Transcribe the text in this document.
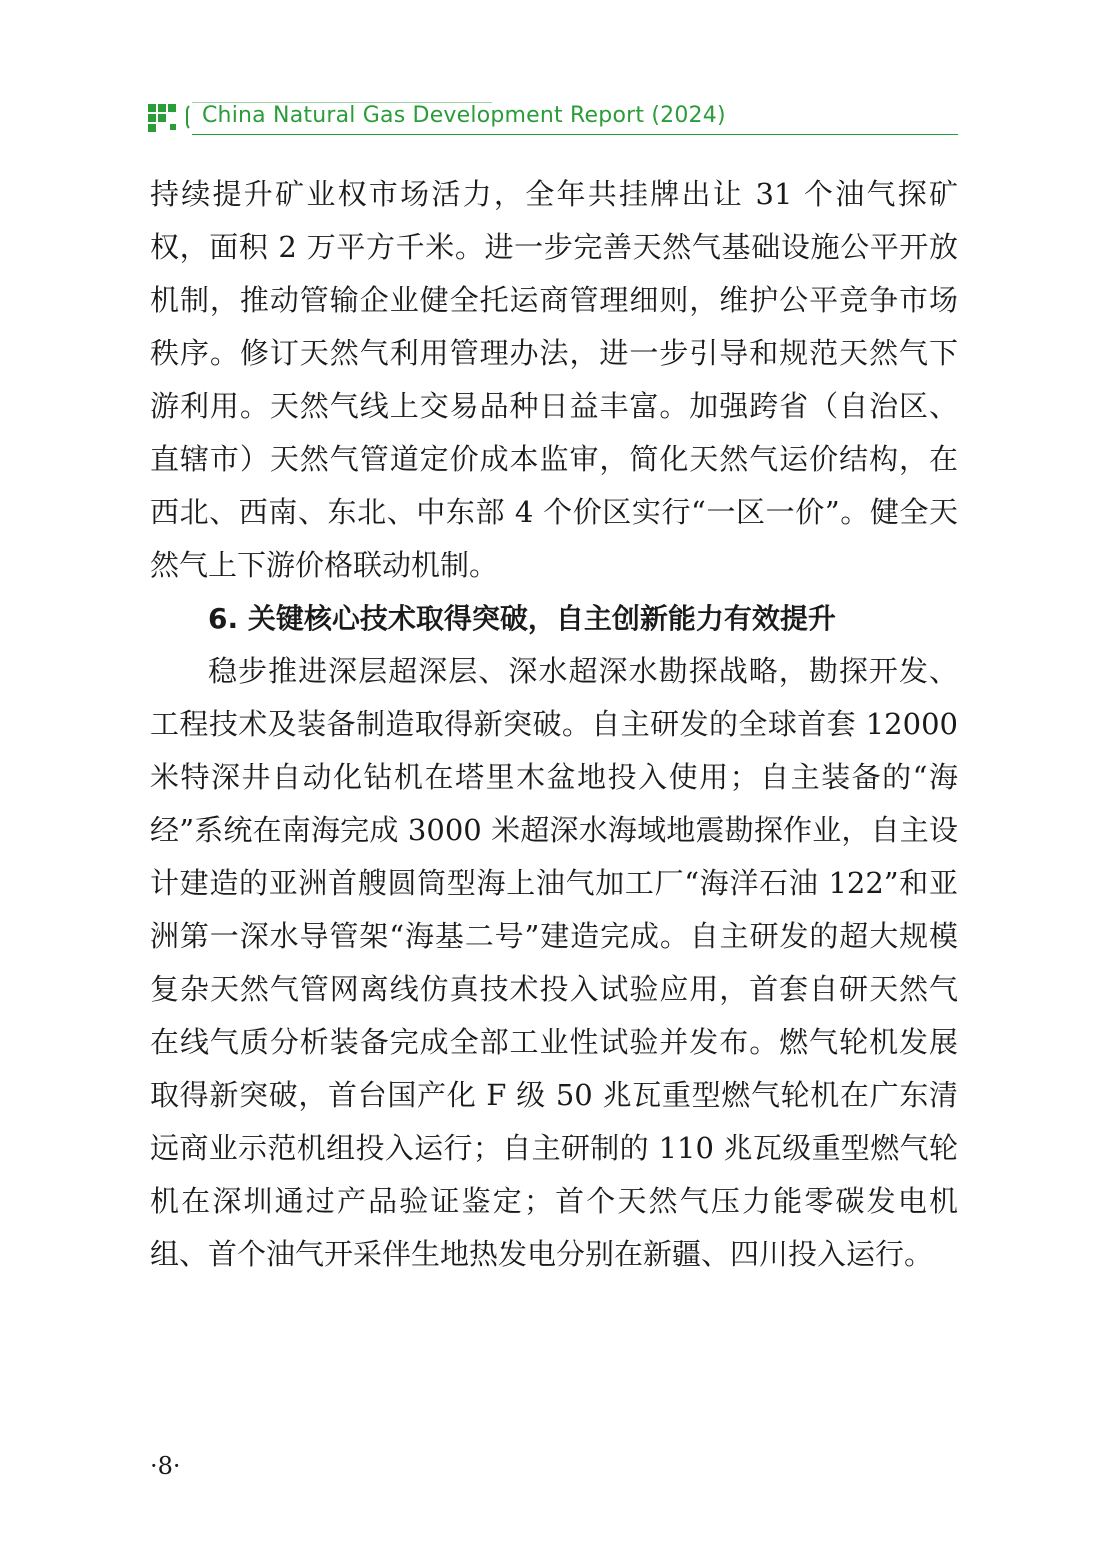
China Natural Gas Development Report (2024)

持续提升矿业权市场活力，全年共挂牌出让 31 个油气探矿权，面积 2 万平方千米。进一步完善天然气基础设施公平开放机制，推动管输企业健全托运商管理细则，维护公平竞争市场秩序。修订天然气利用管理办法，进一步引导和规范天然气下游利用。天然气线上交易品种日益丰富。加强跨省（自治区、直辖市）天然气管道定价成本监审，简化天然气运价结构，在西北、西南、东北、中东部 4 个价区实行“一区一价”。健全天然气上下游价格联动机制。

6. 关键核心技术取得突破，自主创新能力有效提升

稳步推进深层超深层、深水超深水勘探战略，勘探开发、工程技术及装备制造取得新突破。自主研发的全球首套 12000 米特深井自动化钻机在塔里木盆地投入使用；自主装备的“海经”系统在南海完成 3000 米超深水海域地震勘探作业，自主设计建造的亚洲首艘圆筒型海上油气加工厂“海洋石油 122”和亚洲第一深水导管架“海基二号”建造完成。自主研发的超大规模复杂天然气管网离线仿真技术投入试验应用，首套自研天然气在线气质分析装备完成全部工业性试验并发布。燃气轮机发展取得新突破，首台国产化 F 级 50 兆瓦重型燃气轮机在广东清远商业示范机组投入运行；自主研制的 110 兆瓦级重型燃气轮机在深圳通过产品验证鉴定；首个天然气压力能零碳发电机组、首个油气开采伴生地热发电分别在新疆、四川投入运行。

·8·
